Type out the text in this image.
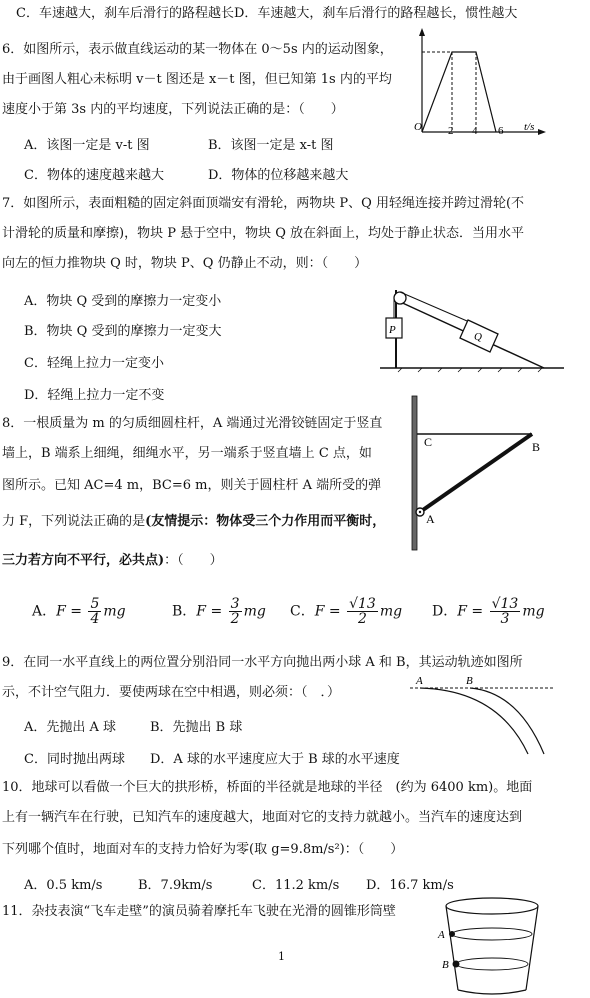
C．车速越大，刹车后滑行的路程越长D．车速越大，刹车后滑行的路程越长，惯性越大
6．如图所示，表示做直线运动的某一物体在 0～5s 内的运动图象，
由于画图人粗心未标明 v－t 图还是 x－t 图，但已知第 1s 内的平均
速度小于第 3s 内的平均速度，下列说法正确的是：（　　）
A．该图一定是 v-t 图	B．该图一定是 x-t 图
C．物体的速度越来越大	D．物体的位移越来越大
O 2 4 6 t/s
7．如图所示，表面粗糙的固定斜面顶端安有滑轮，两物块 P、Q 用轻绳连接并跨过滑轮(不
计滑轮的质量和摩擦)，物块 P 悬于空中，物块 Q 放在斜面上，均处于静止状态．当用水平
向左的恒力推物块 Q 时，物块 P、Q 仍静止不动，则：（　　）
A．物块 Q 受到的摩擦力一定变小
B．物块 Q 受到的摩擦力一定变大
C．轻绳上拉力一定变小
D．轻绳上拉力一定不变
P
Q
8．一根质量为 m 的匀质细圆柱杆，A 端通过光滑铰链固定于竖直
墙上，B 端系上细绳，细绳水平，另一端系于竖直墙上 C 点，如
图所示。已知 AC=4 m，BC=6 m，则关于圆柱杆 A 端所受的弹
力 F，下列说法正确的是(友情提示：物体受三个力作用而平衡时，
三力若方向不平行，必共点)：（　　）
A．$F = \frac{5}{4}$ mg	B．$F = \frac{3}{2}$ mg C．$F = \frac{√13}{2}$ mg D．$F = \frac{√13}{3}$ mg
C	B
A
9．在同一水平直线上的两位置分别沿同一水平方向抛出两小球 A 和 B，其运动轨迹如图所
示，不计空气阻力．要使两球在空中相遇，则必须：（　．）
A．先抛出 A 球	B．先抛出 B 球
C．同时抛出两球 D．A 球的水平速度应大于 B 球的水平速度
A	B
10．地球可以看做一个巨大的拱形桥，桥面的半径就是地球的半径　(约为 6400 km)。地面
上有一辆汽车在行驶，已知汽车的速度越大，地面对它的支持力就越小。当汽车的速度达到
下列哪个值时，地面对车的支持力恰好为零(取 g=9.8m/s²)：（　　）
A．0.5 km/s	B．7.9km/s	C．11.2 km/s D．16.7 km/s
11．杂技表演“飞车走壁”的演员骑着摩托车飞驶在光滑的圆锥形筒壁
A
B
1
